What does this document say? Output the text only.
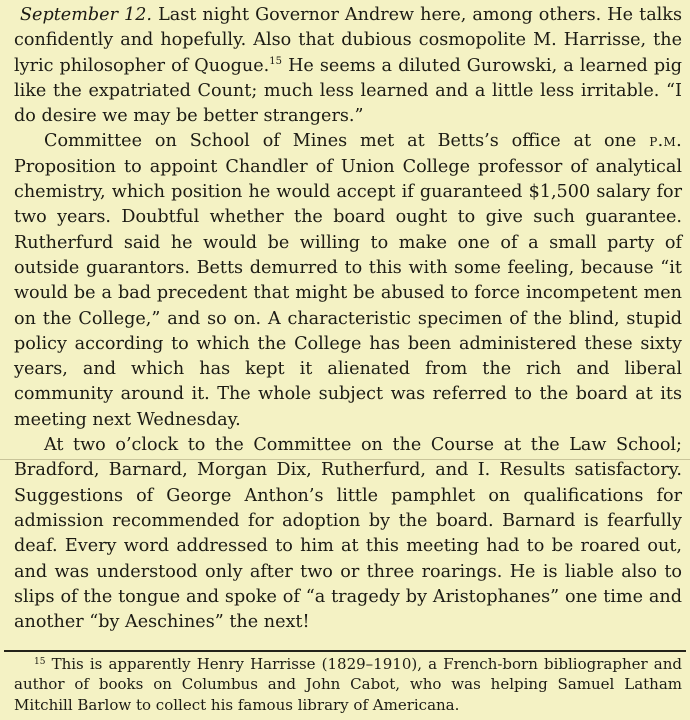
September 12. Last night Governor Andrew here, among others. He talks confidently and hopefully. Also that dubious cosmopolite M. Harrisse, the lyric philosopher of Quogue.$^{15}$ He seems a diluted Gurowski, a learned pig like the expatriated Count; much less learned and a little less irritable. “I do desire we may be better strangers.”

Committee on School of Mines met at Betts’s office at one p.m. Proposition to appoint Chandler of Union College professor of analytical chemistry, which position he would accept if guaranteed $1,500 salary for two years. Doubtful whether the board ought to give such guarantee. Rutherfurd said he would be willing to make one of a small party of outside guarantors. Betts demurred to this with some feeling, because “it would be a bad precedent that might be abused to force incompetent men on the College,” and so on. A characteristic specimen of the blind, stupid policy according to which the College has been administered these sixty years, and which has kept it alienated from the rich and liberal community around it. The whole subject was referred to the board at its meeting next Wednesday.

At two o’clock to the Committee on the Course at the Law School; Bradford, Barnard, Morgan Dix, Rutherfurd, and I. Results satisfactory. Suggestions of George Anthon’s little pamphlet on qualifications for admission recommended for adoption by the board. Barnard is fearfully deaf. Every word addressed to him at this meeting had to be roared out, and was understood only after two or three roarings. He is liable also to slips of the tongue and spoke of “a tragedy by Aristophanes” one time and another “by Aeschines” the next!

$^{15}$ This is apparently Henry Harrisse (1829–1910), a French-born bibliographer and author of books on Columbus and John Cabot, who was helping Samuel Latham Mitchill Barlow to collect his famous library of Americana.
